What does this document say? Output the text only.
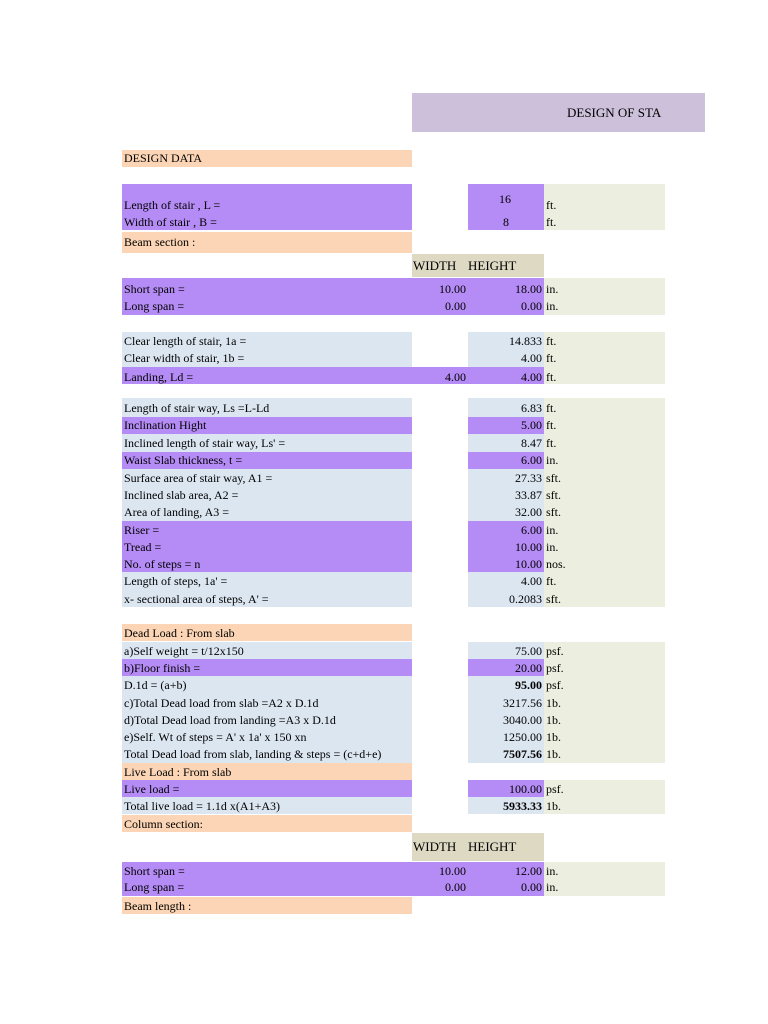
DESIGN OF STA
DESIGN DATA
Length of stair , L =	16	ft.
Width of stair , B =	8	ft.
Beam section :
WIDTH HEIGHT
Short span =	10.00	18.00 in.
Long span =	0.00	0.00 in.
Clear length of stair, 1a =	14.833 ft.
Clear width of stair, 1b =	4.00 ft.
Landing, Ld =	4.00	4.00 ft.
Length of stair way, Ls =L-Ld	6.83 ft.
Inclination Hight	5.00 ft.
Inclined length of stair way, Ls' =	8.47 ft.
Waist Slab thickness, t =	6.00 in.
Surface area of stair way, A1 =	27.33 sft.
Inclined slab area, A2 =	33.87 sft.
Area of landing, A3 =	32.00 sft.
Riser =	6.00 in.
Tread =	10.00 in.
No. of steps = n	10.00 nos.
Length of steps, 1a' =	4.00 ft.
x- sectional area of steps, A' =	0.2083 sft.
Dead Load : From slab
a)Self weight = t/12x150	75.00 psf.
b)Floor finish =	20.00 psf.
D.1d = (a+b)	95.00 psf.
c)Total Dead load from slab =A2 x D.1d	3217.56 1b.
d)Total Dead load from landing =A3 x D.1d	3040.00 1b.
e)Self. Wt of steps = A' x 1a' x 150 xn	1250.00 1b.
Total Dead load from slab, landing & steps = (c+d+e)	7507.56 1b.
Live Load : From slab
Live load =	100.00 psf.
Total live load = 1.1d x(A1+A3)	5933.33 1b.
Column section:
WIDTH HEIGHT
Short span =	10.00	12.00 in.
Long span =	0.00	0.00 in.
Beam length :
